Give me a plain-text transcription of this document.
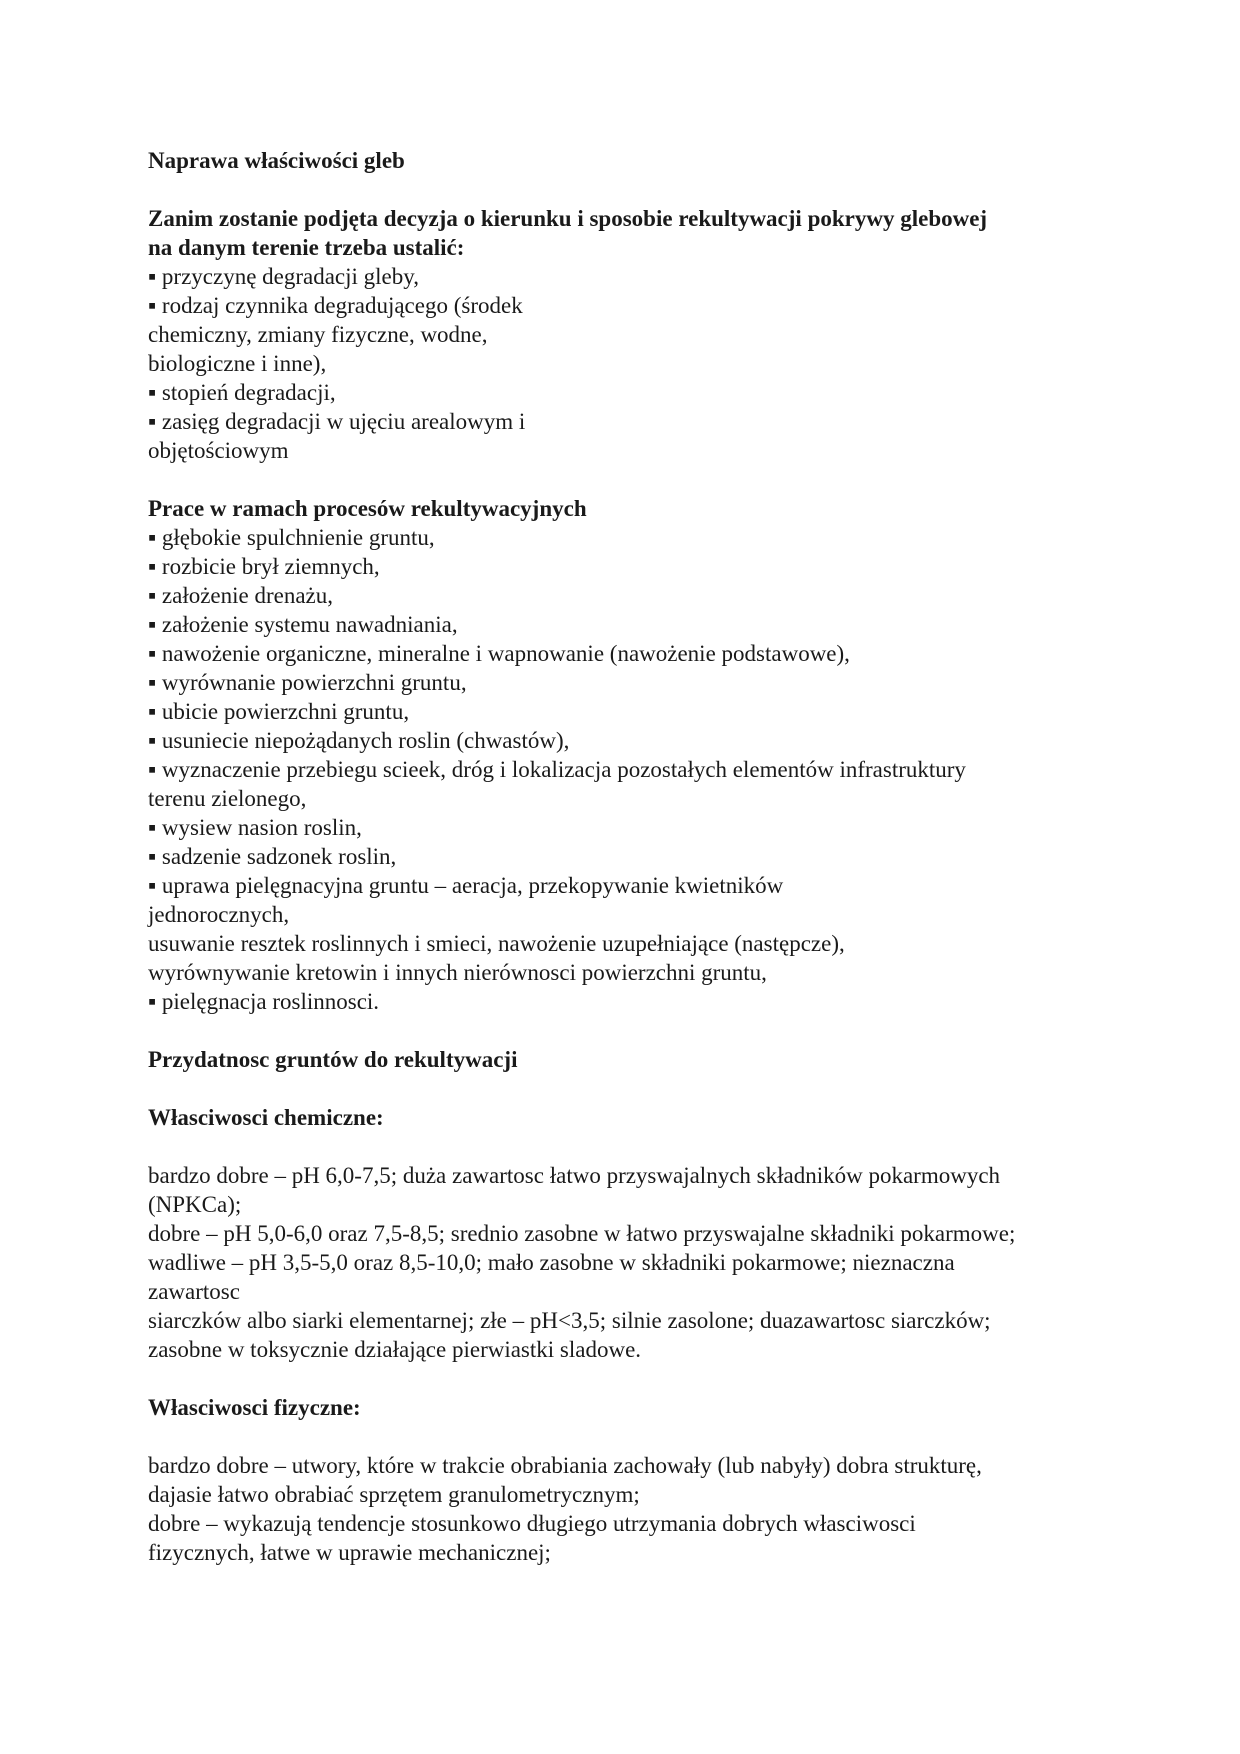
Naprawa właściwości gleb
Zanim zostanie podjęta decyzja o kierunku i sposobie rekultywacji pokrywy glebowej
na danym terenie trzeba ustalić:
▪ przyczynę degradacji gleby,
▪ rodzaj czynnika degradującego (środek
chemiczny, zmiany fizyczne, wodne,
biologiczne i inne),
▪ stopień degradacji,
▪ zasięg degradacji w ujęciu arealowym i
objętościowym
Prace w ramach procesów rekultywacyjnych
▪ głębokie spulchnienie gruntu,
▪ rozbicie brył ziemnych,
▪ założenie drenażu,
▪ założenie systemu nawadniania,
▪ nawożenie organiczne, mineralne i wapnowanie (nawożenie podstawowe),
▪ wyrównanie powierzchni gruntu,
▪ ubicie powierzchni gruntu,
▪ usuniecie niepożądanych roslin (chwastów),
▪ wyznaczenie przebiegu scieek, dróg i lokalizacja pozostałych elementów infrastruktury
terenu zielonego,
▪ wysiew nasion roslin,
▪ sadzenie sadzonek roslin,
▪ uprawa pielęgnacyjna gruntu – aeracja, przekopywanie kwietników
jednorocznych,
usuwanie resztek roslinnych i smieci, nawożenie uzupełniające (następcze),
wyrównywanie kretowin i innych nierównosci powierzchni gruntu,
▪ pielęgnacja roslinnosci.
Przydatnosc gruntów do rekultywacji
Własciwosci chemiczne:
bardzo dobre – pH 6,0-7,5; duża zawartosc łatwo przyswajalnych składników pokarmowych
(NPKCa);
dobre – pH 5,0-6,0 oraz 7,5-8,5; srednio zasobne w łatwo przyswajalne składniki pokarmowe;
wadliwe – pH 3,5-5,0 oraz 8,5-10,0; mało zasobne w składniki pokarmowe; nieznaczna
zawartosc
siarczków albo siarki elementarnej; złe – pH<3,5; silnie zasolone; duazawartosc siarczków;
zasobne w toksycznie działające pierwiastki sladowe.
Własciwosci fizyczne:
bardzo dobre – utwory, które w trakcie obrabiania zachowały (lub nabyły) dobra strukturę,
dajasie łatwo obrabiać sprzętem granulometrycznym;
dobre – wykazują tendencje stosunkowo długiego utrzymania dobrych własciwosci
fizycznych, łatwe w uprawie mechanicznej;
